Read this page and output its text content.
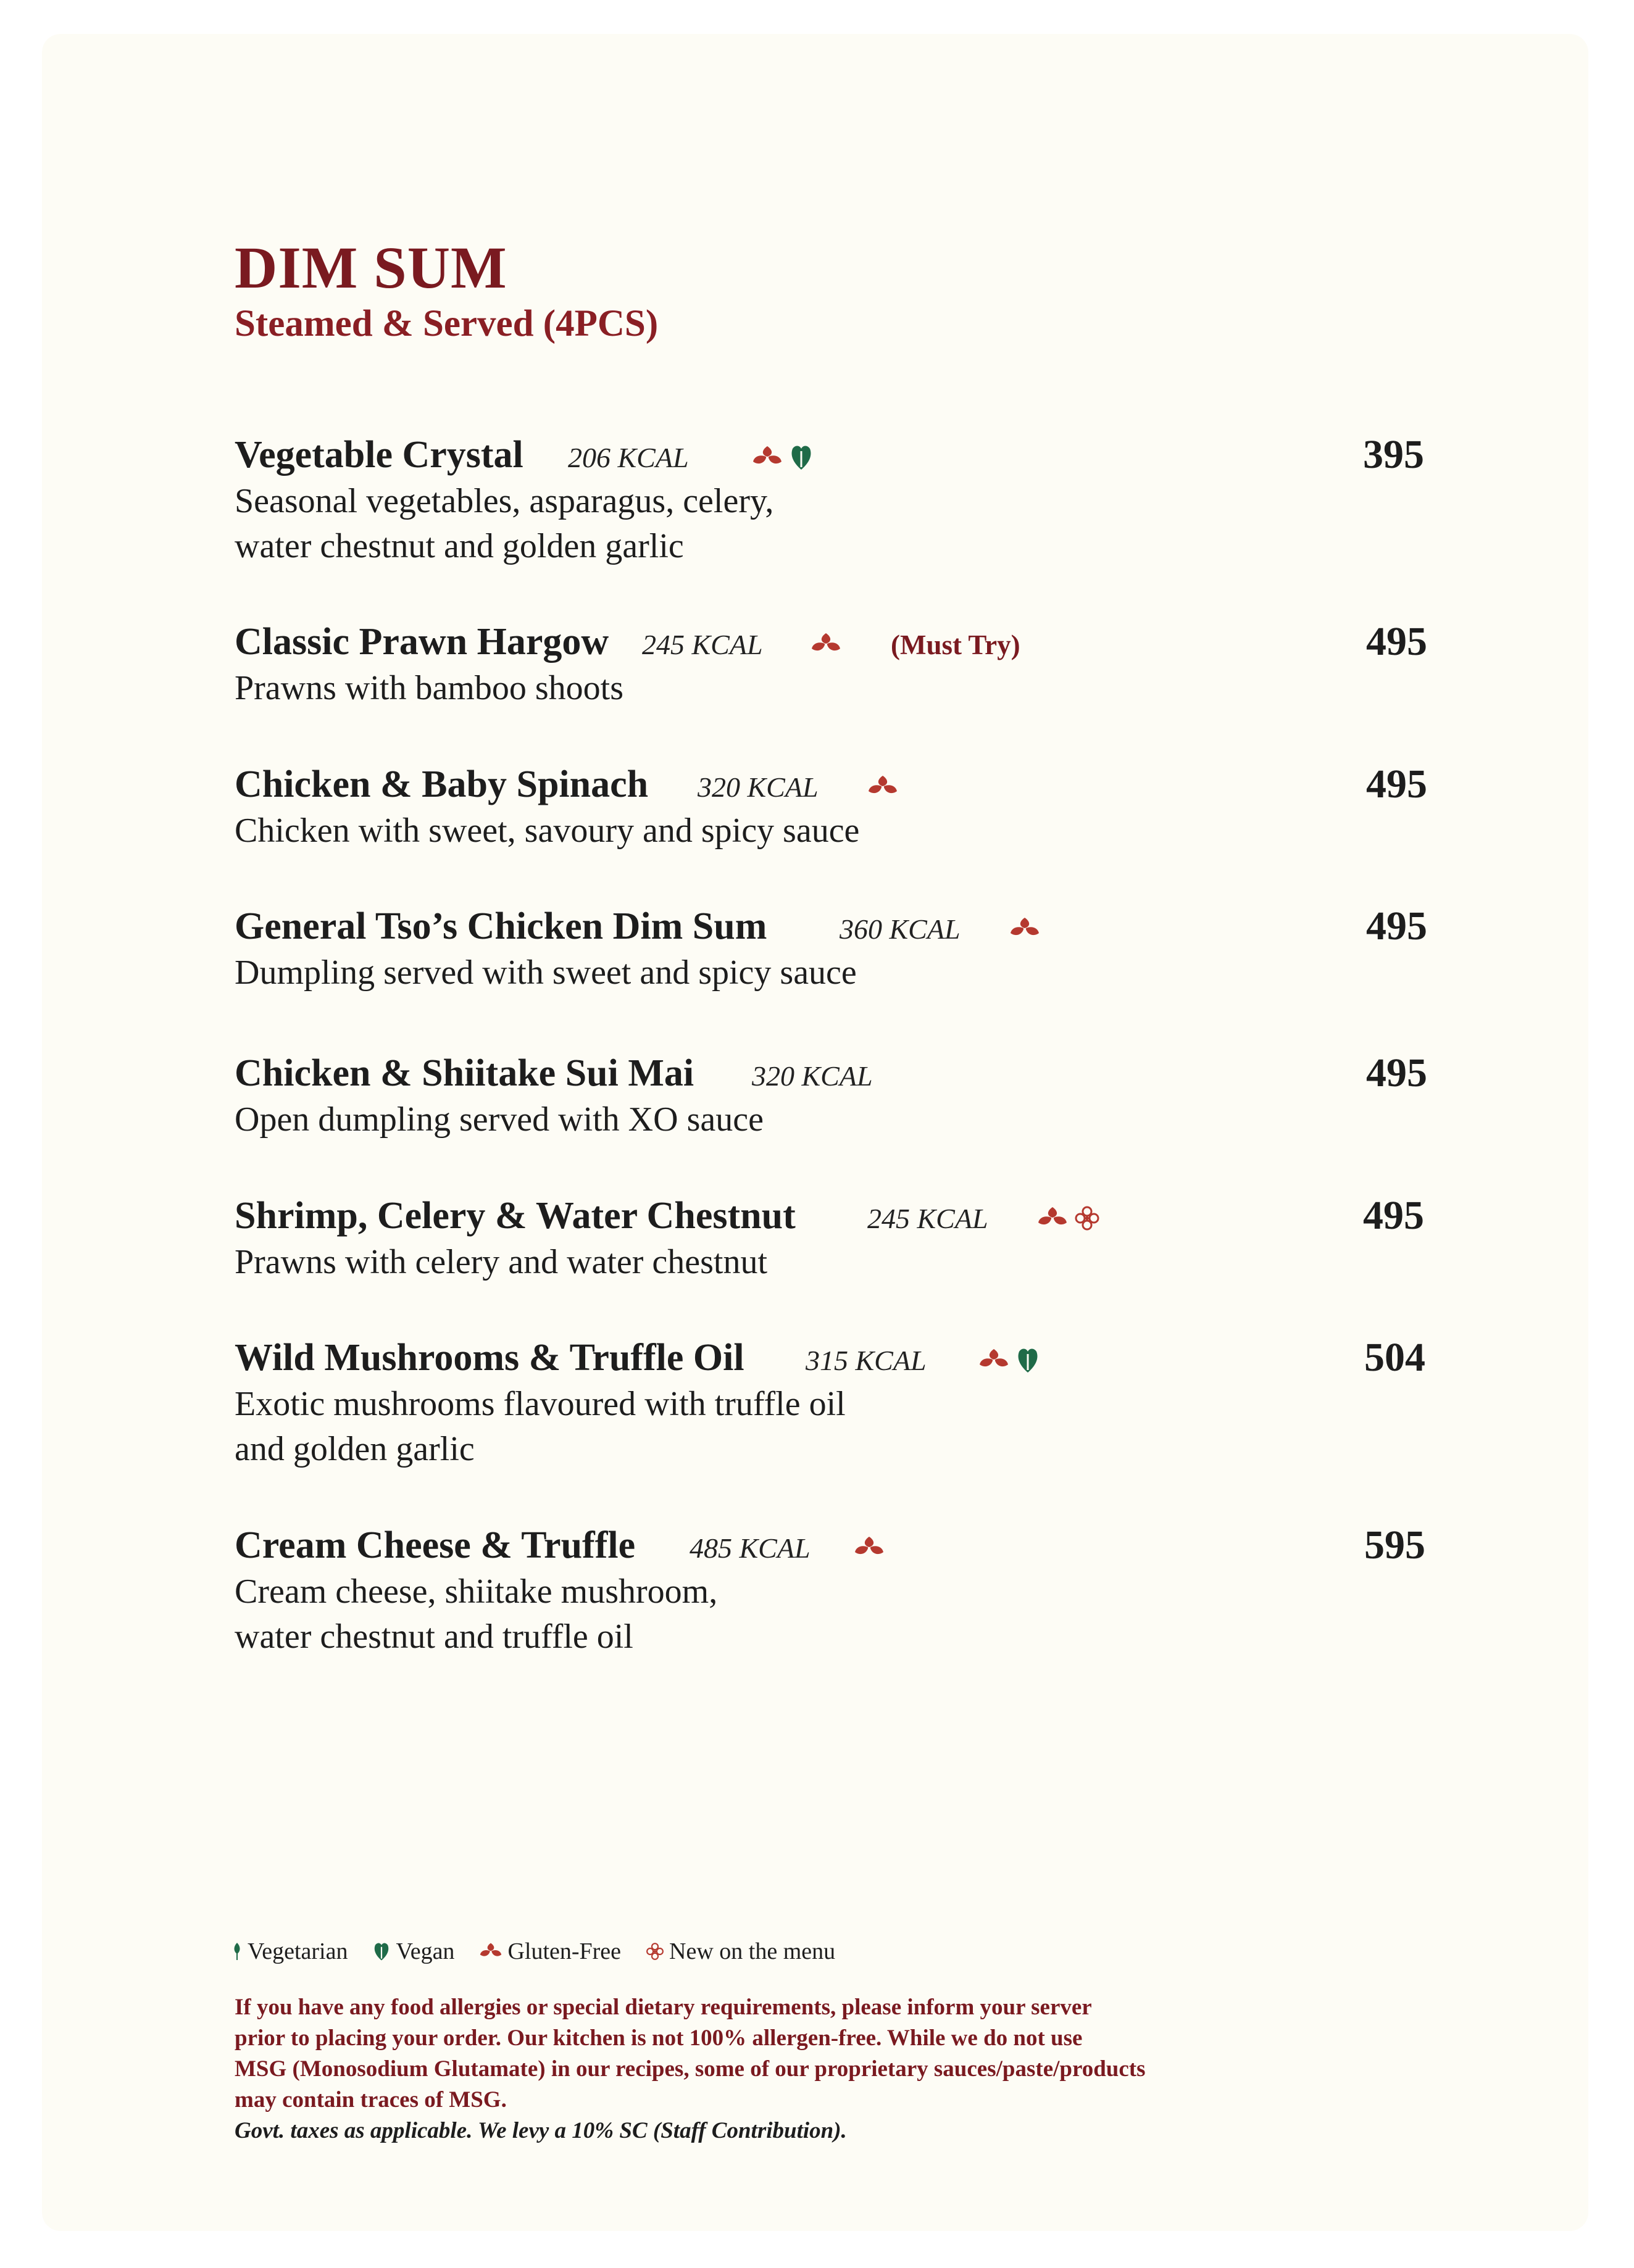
DIM SUM
Steamed & Served (4PCS)
Vegetable Crystal 206 KCAL	395
Seasonal vegetables, asparagus, celery,
water chestnut and golden garlic
Classic Prawn Hargow 245 KCAL	(Must Try)	495
Prawns with bamboo shoots
Chicken & Baby Spinach 320 KCAL	495
Chicken with sweet, savoury and spicy sauce
General Tso’s Chicken Dim Sum	360 KCAL	495
Dumpling served with sweet and spicy sauce
Chicken & Shiitake Sui Mai 320 KCAL	495
Open dumpling served with XO sauce
Shrimp, Celery & Water Chestnut	245 KCAL	495
Prawns with celery and water chestnut
Wild Mushrooms & Truffle Oil 315 KCAL	504
Exotic mushrooms flavoured with truffle oil
and golden garlic
Cream Cheese & Truffle 485 KCAL	595
Cream cheese, shiitake mushroom,
water chestnut and truffle oil
Vegetarian Vegan Gluten-Free New on the menu
If you have any food allergies or special dietary requirements, please inform your server
prior to placing your order. Our kitchen is not 100% allergen-free. While we do not use
MSG (Monosodium Glutamate) in our recipes, some of our proprietary sauces/paste/products
may contain traces of MSG.
Govt. taxes as applicable. We levy a 10% SC (Staff Contribution).
